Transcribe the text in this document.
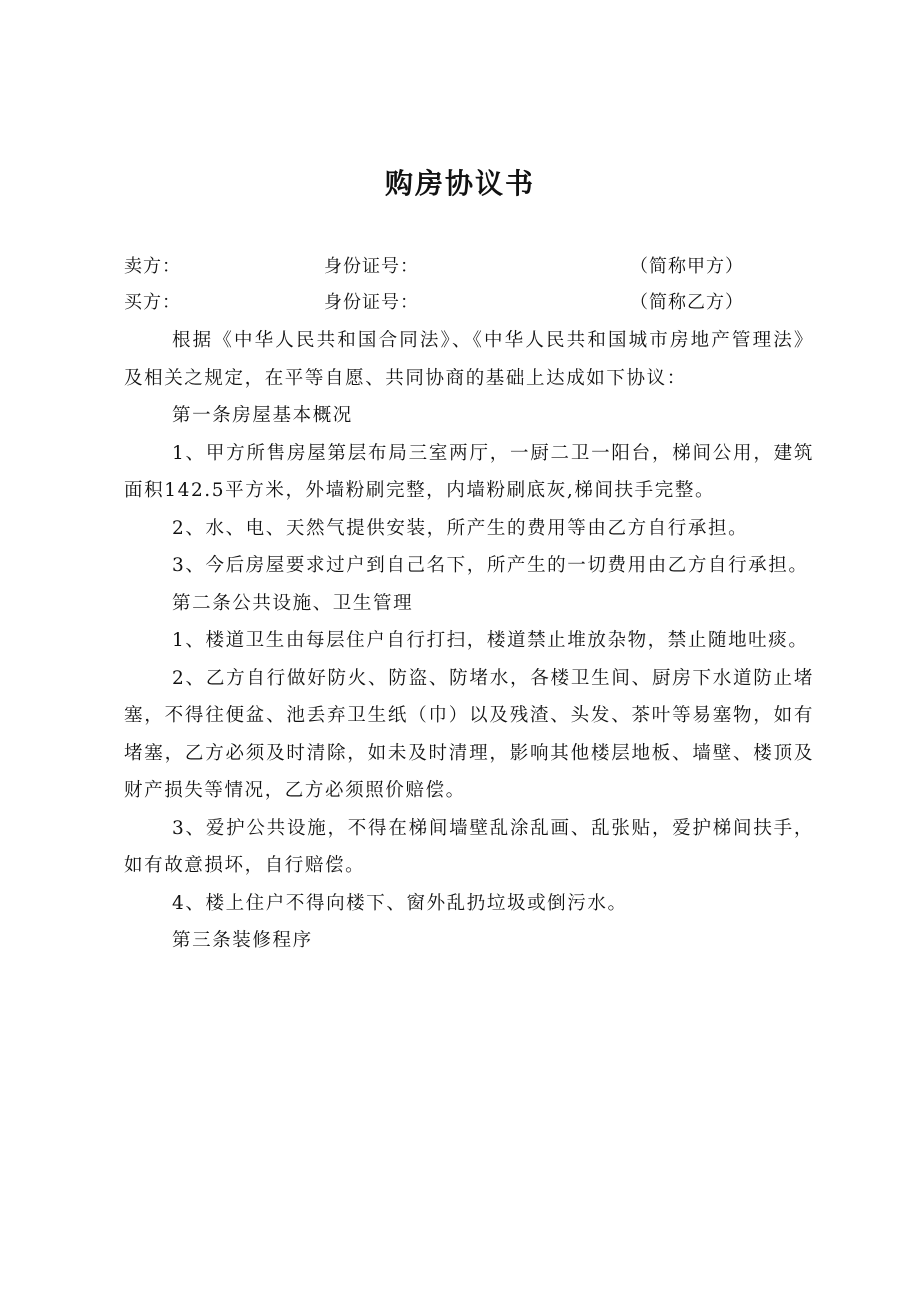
购房协议书
卖方：	身份证号：	（简称甲方）
买方：	身份证号：	（简称乙方）

根据《中华人民共和国合同法》、《中华人民共和国城市房地产管理法》及相关之规定，在平等自愿、共同协商的基础上达成如下协议：

第一条房屋基本概况

1、甲方所售房屋第层布局三室两厅，一厨二卫一阳台，梯间公用，建筑面积142.5平方米，外墙粉刷完整，内墙粉刷底灰,梯间扶手完整。

2、水、电、天然气提供安装，所产生的费用等由乙方自行承担。

3、今后房屋要求过户到自己名下，所产生的一切费用由乙方自行承担。

第二条公共设施、卫生管理

1、楼道卫生由每层住户自行打扫，楼道禁止堆放杂物，禁止随地吐痰。

2、乙方自行做好防火、防盗、防堵水，各楼卫生间、厨房下水道防止堵塞，不得往便盆、池丢弃卫生纸（巾）以及残渣、头发、茶叶等易塞物，如有堵塞，乙方必须及时清除，如未及时清理，影响其他楼层地板、墙壁、楼顶及财产损失等情况，乙方必须照价赔偿。

3、爱护公共设施，不得在梯间墙壁乱涂乱画、乱张贴，爱护梯间扶手，如有故意损坏，自行赔偿。

4、楼上住户不得向楼下、窗外乱扔垃圾或倒污水。

第三条装修程序
